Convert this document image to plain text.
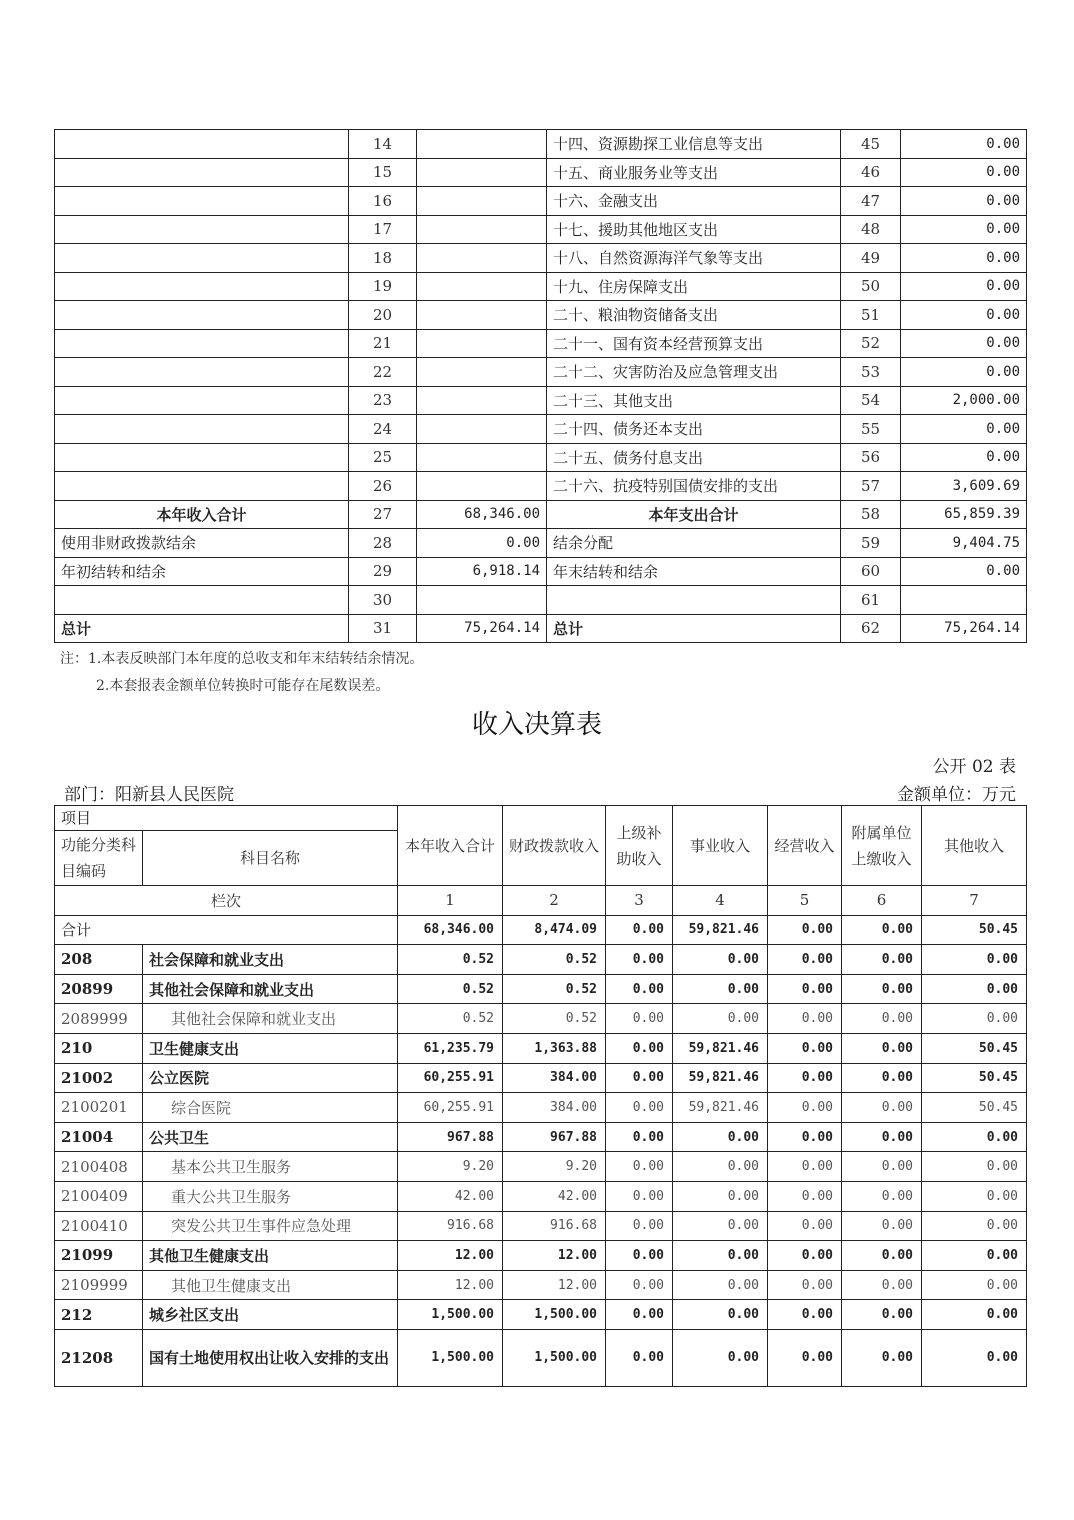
	14		十四、资源勘探工业信息等支出	45	0.00
	15		十五、商业服务业等支出	46	0.00
	16		十六、金融支出	47	0.00
	17		十七、援助其他地区支出	48	0.00
	18		十八、自然资源海洋气象等支出	49	0.00
	19		十九、住房保障支出	50	0.00
	20		二十、粮油物资储备支出	51	0.00
	21		二十一、国有资本经营预算支出	52	0.00
	22		二十二、灾害防治及应急管理支出	53	0.00
	23		二十三、其他支出	54	2,000.00
	24		二十四、债务还本支出	55	0.00
	25		二十五、债务付息支出	56	0.00
	26		二十六、抗疫特别国债安排的支出	57	3,609.69
本年收入合计	27	68,346.00	本年支出合计	58	65,859.39
使用非财政拨款结余	28	0.00	结余分配	59	9,404.75
年初结转和结余	29	6,918.14	年末结转和结余	60	0.00
	30			61	
总计	31	75,264.14	总计	62	75,264.14
注：1.本表反映部门本年度的总收支和年末结转结余情况。
2.本套报表金额单位转换时可能存在尾数误差。
收入决算表
公开 02 表
部门：阳新县人民医院	金额单位：万元
项目		本年收入合计	财政拨款收入	上级补助收入	事业收入	经营收入	附属单位上缴收入	其他收入
功能分类科目编码	科目名称							
栏次		1	2	3	4	5	6	7
合计		68,346.00	8,474.09	0.00	59,821.46	0.00	0.00	50.45
208	社会保障和就业支出	0.52	0.52	0.00	0.00	0.00	0.00	0.00
20899	其他社会保障和就业支出	0.52	0.52	0.00	0.00	0.00	0.00	0.00
2089999	其他社会保障和就业支出	0.52	0.52	0.00	0.00	0.00	0.00	0.00
210	卫生健康支出	61,235.79	1,363.88	0.00	59,821.46	0.00	0.00	50.45
21002	公立医院	60,255.91	384.00	0.00	59,821.46	0.00	0.00	50.45
2100201	综合医院	60,255.91	384.00	0.00	59,821.46	0.00	0.00	50.45
21004	公共卫生	967.88	967.88	0.00	0.00	0.00	0.00	0.00
2100408	基本公共卫生服务	9.20	9.20	0.00	0.00	0.00	0.00	0.00
2100409	重大公共卫生服务	42.00	42.00	0.00	0.00	0.00	0.00	0.00
2100410	突发公共卫生事件应急处理	916.68	916.68	0.00	0.00	0.00	0.00	0.00
21099	其他卫生健康支出	12.00	12.00	0.00	0.00	0.00	0.00	0.00
2109999	其他卫生健康支出	12.00	12.00	0.00	0.00	0.00	0.00	0.00
212	城乡社区支出	1,500.00	1,500.00	0.00	0.00	0.00	0.00	0.00
21208	国有土地使用权出让收入安排的支出	1,500.00	1,500.00	0.00	0.00	0.00	0.00	0.00
